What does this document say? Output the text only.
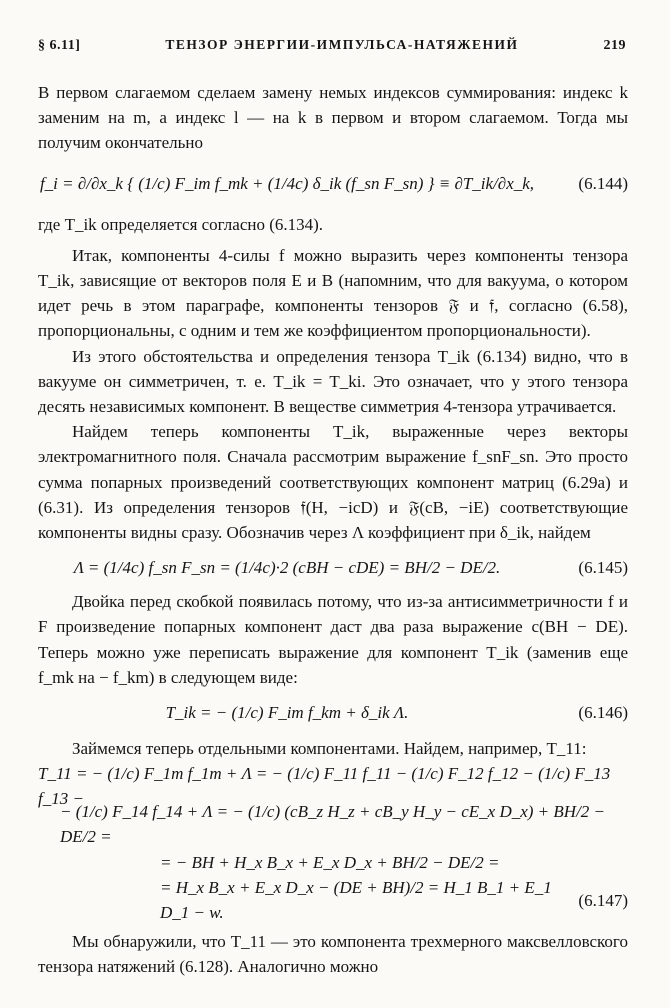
§ 6.11]	ТЕНЗОР ЭНЕРГИИ-ИМПУЛЬСА-НАТЯЖЕНИЙ	219

В первом слагаемом сделаем замену немых индексов суммирования: индекс k заменим на m, а индекс l — на k в первом и втором слагаемом. Тогда мы получим окончательно

f_i = ∂/∂x_k { (1/c) F_im f_mk + (1/4c) δ_ik (f_sn F_sn) } ≡ ∂T_ik/∂x_k,	(6.144)

где T_ik определяется согласно (6.134).

Итак, компоненты 4-силы f можно выразить через компоненты тензора T_ik, зависящие от векторов поля E и B (напомним, что для вакуума, о котором идет речь в этом параграфе, компоненты тензоров 𝔉 и 𝔣, согласно (6.58), пропорциональны, с одним и тем же коэффициентом пропорциональности).

Из этого обстоятельства и определения тензора T_ik (6.134) видно, что в вакууме он симметричен, т. е. T_ik = T_ki. Это означает, что у этого тензора десять независимых компонент. В веществе симметрия 4-тензора утрачивается.

Найдем теперь компоненты T_ik, выраженные через векторы электромагнитного поля. Сначала рассмотрим выражение f_snF_sn. Это просто сумма попарных произведений соответствующих компонент матриц (6.29а) и (6.31). Из определения тензоров 𝔣(H, −icD) и 𝔉(cB, −iE) соответствующие компоненты видны сразу. Обозначив через Λ коэффициент при δ_ik, найдем

Λ = (1/4c) f_sn F_sn = (1/4c)·2 (cBH − cDE) = BH/2 − DE/2.	(6.145)

Двойка перед скобкой появилась потому, что из-за антисимметричности f и F произведение попарных компонент даст два раза выражение c(BH − DE). Теперь можно уже переписать выражение для компонент T_ik (заменив еще f_mk на − f_km) в следующем виде:

T_ik = − (1/c) F_im f_km + δ_ik Λ.	(6.146)

Займемся теперь отдельными компонентами. Найдем, например, T_11:

T_11 = − (1/c) F_1m f_1m + Λ = − (1/c) F_11 f_11 − (1/c) F_12 f_12 − (1/c) F_13 f_13 −
− (1/c) F_14 f_14 + Λ = − (1/c) (cB_z H_z + cB_y H_y − cE_x D_x) + BH/2 − DE/2 =
= − BH + H_x B_x + E_x D_x + BH/2 − DE/2 =
= H_x B_x + E_x D_x − (DE + BH)/2 = H_1 B_1 + E_1 D_1 − w.
(6.147)

Мы обнаружили, что T_11 — это компонента трехмерного максвелловского тензора натяжений (6.128). Аналогично можно
